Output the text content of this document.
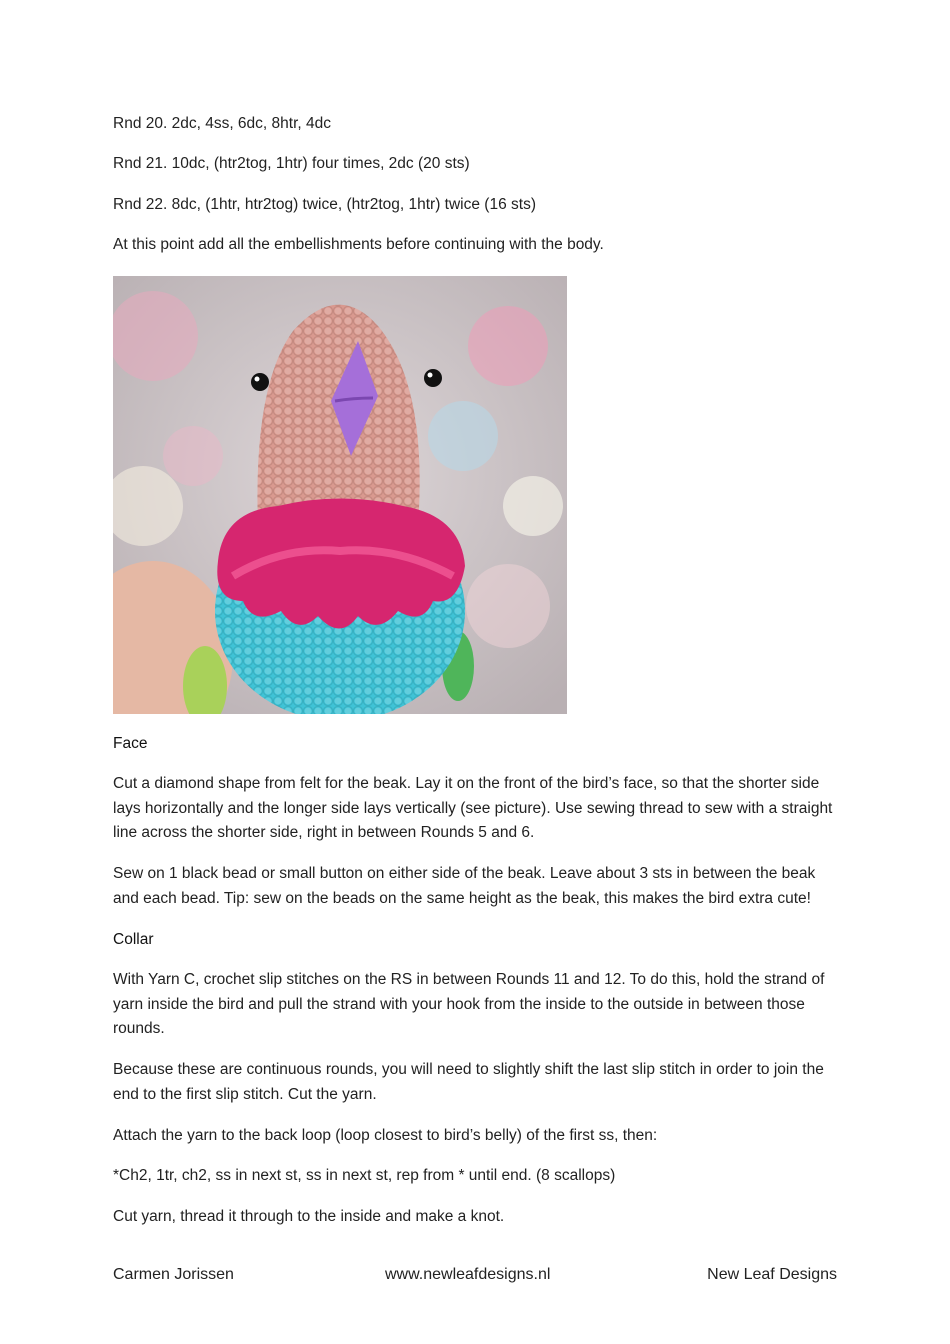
Rnd 20. 2dc, 4ss, 6dc, 8htr, 4dc

Rnd 21. 10dc, (htr2tog, 1htr) four times, 2dc (20 sts)

Rnd 22. 8dc, (1htr, htr2tog) twice, (htr2tog, 1htr) twice (16 sts)

At this point add all the embellishments before continuing with the body.

Face

Cut a diamond shape from felt for the beak. Lay it on the front of the bird’s face, so that the shorter side lays horizontally and the longer side lays vertically (see picture). Use sewing thread to sew with a straight line across the shorter side, right in between Rounds 5 and 6.

Sew on 1 black bead or small button on either side of the beak. Leave about 3 sts in between the beak and each bead. Tip: sew on the beads on the same height as the beak, this makes the bird extra cute!

Collar

With Yarn C, crochet slip stitches on the RS in between Rounds 11 and 12. To do this, hold the strand of yarn inside the bird and pull the strand with your hook from the inside to the outside in between those rounds.

Because these are continuous rounds, you will need to slightly shift the last slip stitch in order to join the end to the first slip stitch. Cut the yarn.

Attach the yarn to the back loop (loop closest to bird’s belly) of the first ss, then:

*Ch2, 1tr, ch2, ss in next st, ss in next st, rep from * until end. (8 scallops)

Cut yarn, thread it through to the inside and make a knot.

Carmen Jorissen	www.newleafdesigns.nl	New Leaf Designs
